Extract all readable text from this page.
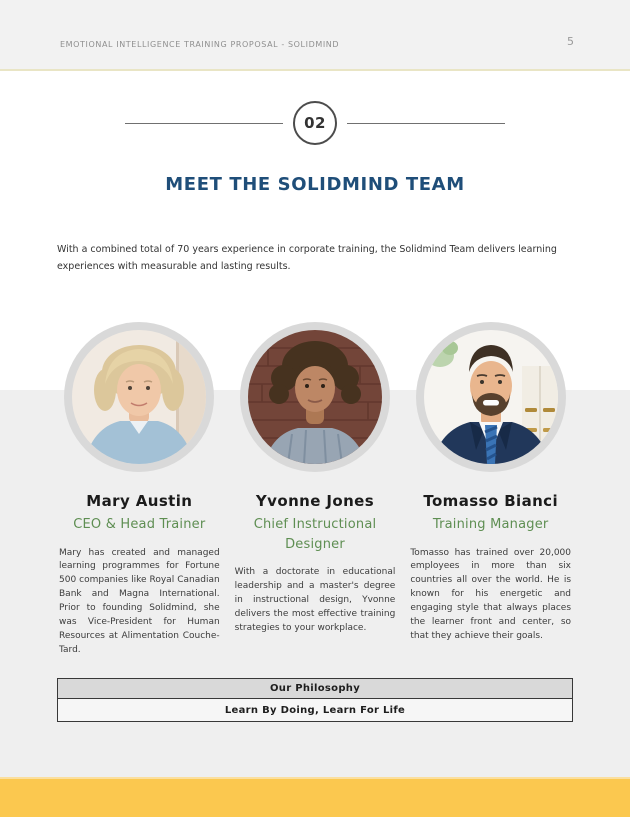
EMOTIONAL INTELLIGENCE TRAINING PROPOSAL - SOLIDMIND	5
02
MEET THE SOLIDMIND TEAM

With a combined total of 70 years experience in corporate training, the Solidmind Team delivers learning experiences with measurable and lasting results.

Mary Austin
CEO & Head Trainer

Mary has created and managed learning programmes for Fortune 500 companies like Royal Canadian Bank and Magna International. Prior to founding Solidmind, she was Vice-President for Human Resources at Alimentation Couche-Tard.

Yvonne Jones
Chief Instructional Designer

With a doctorate in educational leadership and a master's degree in instructional design, Yvonne delivers the most effective training strategies to your workplace.

Tomasso Bianci
Training Manager

Tomasso has trained over 20,000 employees in more than six countries all over the world. He is known for his energetic and engaging style that always places the learner front and center, so that they achieve their goals.

Our Philosophy
Learn By Doing, Learn For Life
